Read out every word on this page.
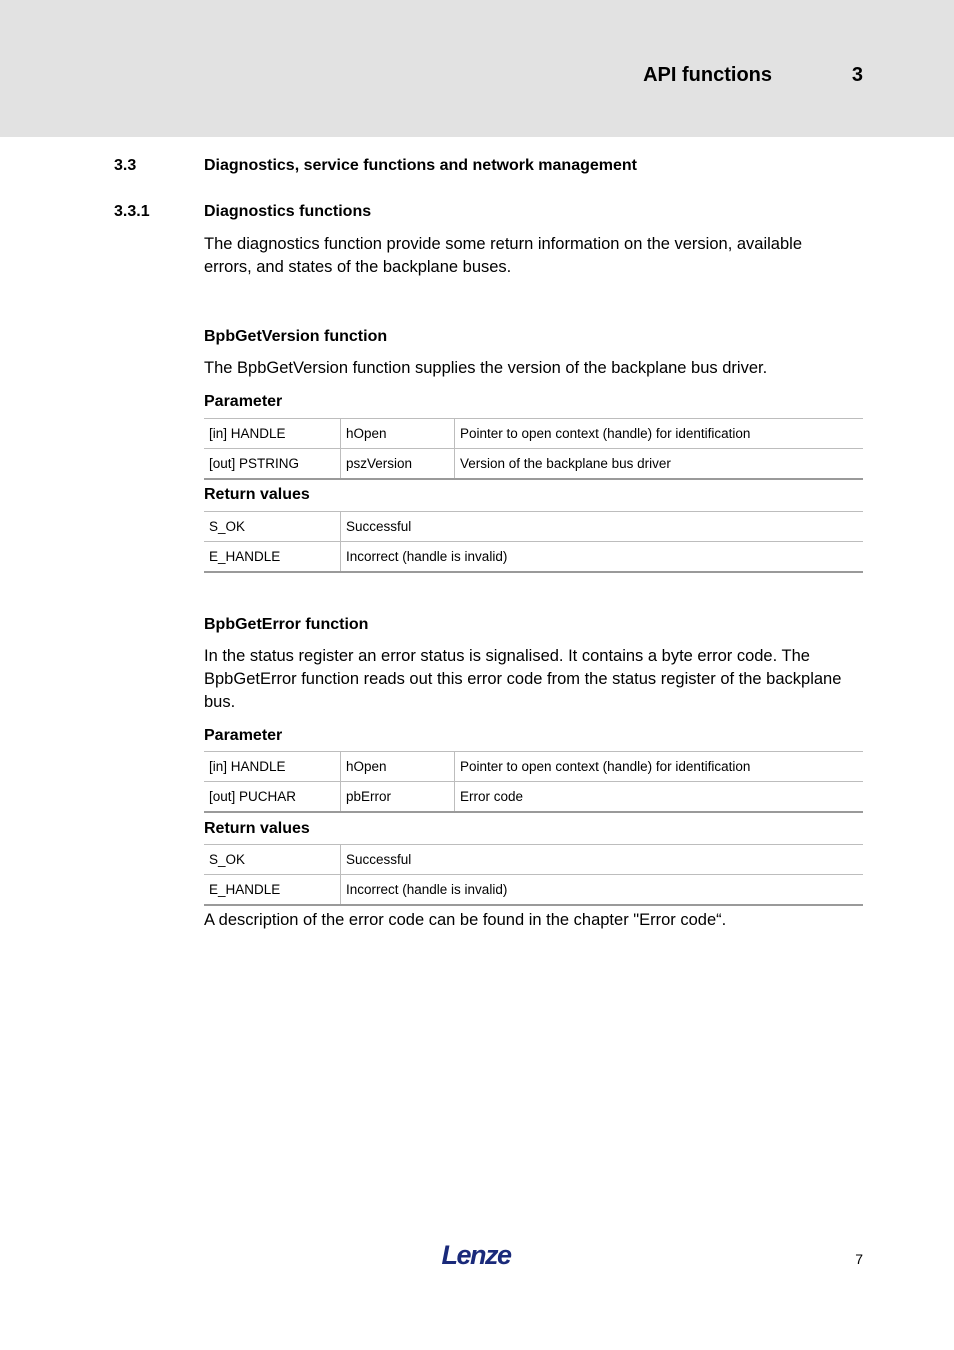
API functions	3
3.3	Diagnostics, service functions and network management
3.3.1	Diagnostics functions
The diagnostics function provide some return information on the version, available errors, and states of the backplane buses.
BpbGetVersion function
The BpbGetVersion function supplies the version of the backplane bus driver.
Parameter
[in] HANDLE	hOpen	Pointer to open context (handle) for identification
[out] PSTRING	pszVersion	Version of the backplane bus driver
Return values
S_OK	Successful
E_HANDLE	Incorrect (handle is invalid)
BpbGetError function
In the status register an error status is signalised. It contains a byte error code. The BpbGetError function reads out this error code from the status register of the backplane bus.
Parameter
[in] HANDLE	hOpen	Pointer to open context (handle) for identification
[out] PUCHAR	pbError	Error code
Return values
S_OK	Successful
E_HANDLE	Incorrect (handle is invalid)
A description of the error code can be found in the chapter "Error code“.
Lenze	7
